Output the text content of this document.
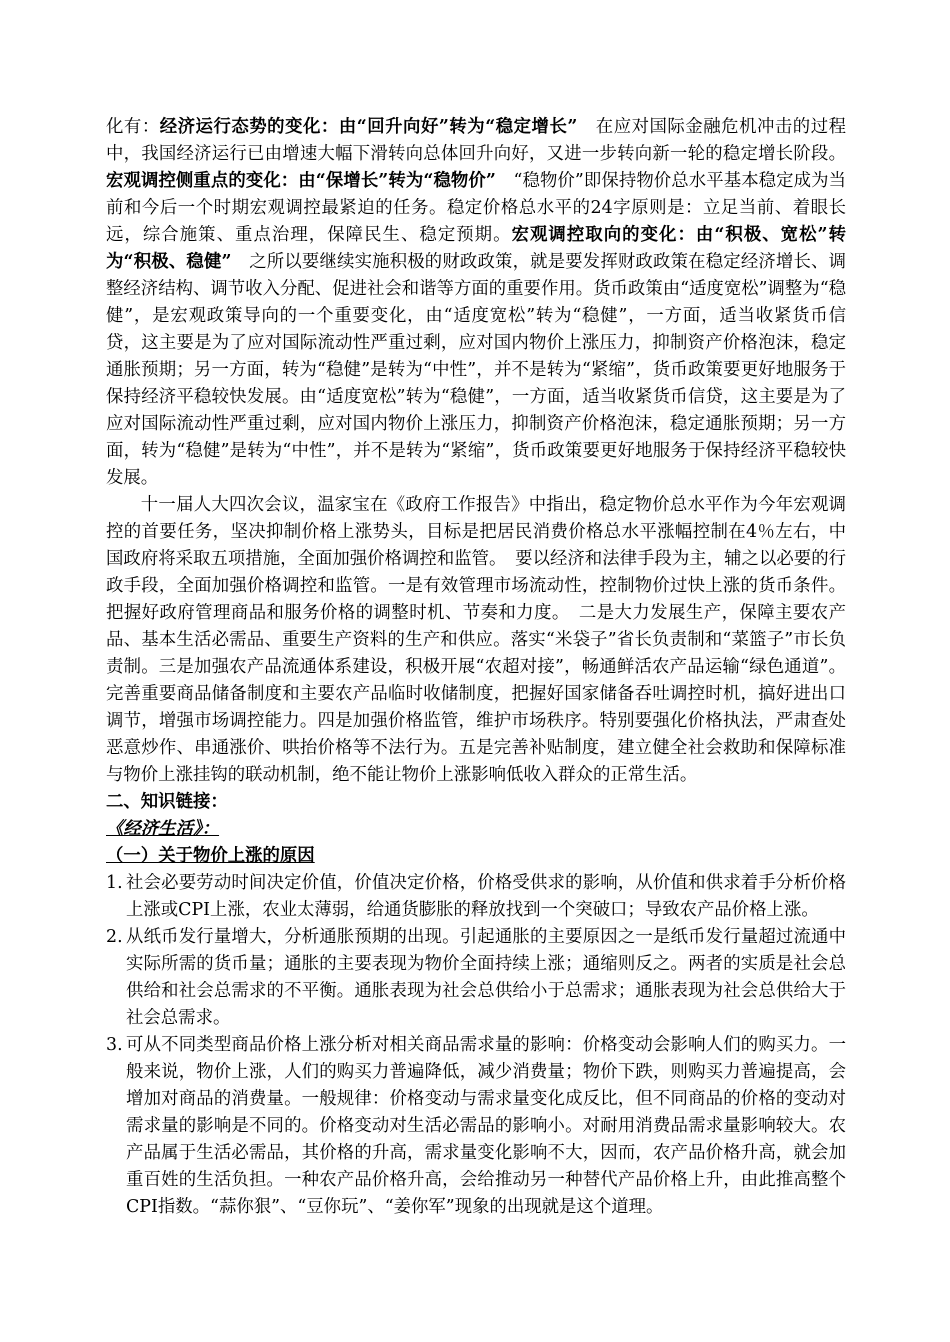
化有：经济运行态势的变化：由“回升向好”转为“稳定增长”　在应对国际金融危机冲击的过程中，我国经济运行已由增速大幅下滑转向总体回升向好，又进一步转向新一轮的稳定增长阶段。宏观调控侧重点的变化：由“保增长”转为“稳物价”　“稳物价”即保持物价总水平基本稳定成为当前和今后一个时期宏观调控最紧迫的任务。稳定价格总水平的24字原则是：立足当前、着眼长远，综合施策、重点治理，保障民生、稳定预期。宏观调控取向的变化：由“积极、宽松”转为“积极、稳健”　之所以要继续实施积极的财政政策，就是要发挥财政政策在稳定经济增长、调整经济结构、调节收入分配、促进社会和谐等方面的重要作用。货币政策由“适度宽松”调整为“稳健”，是宏观政策导向的一个重要变化，由“适度宽松”转为“稳健”，一方面，适当收紧货币信贷，这主要是为了应对国际流动性严重过剩，应对国内物价上涨压力，抑制资产价格泡沫，稳定通胀预期；另一方面，转为“稳健”是转为“中性”，并不是转为“紧缩”，货币政策要更好地服务于保持经济平稳较快发展。由“适度宽松”转为“稳健”，一方面，适当收紧货币信贷，这主要是为了应对国际流动性严重过剩，应对国内物价上涨压力，抑制资产价格泡沫，稳定通胀预期；另一方面，转为“稳健”是转为“中性”，并不是转为“紧缩”，货币政策要更好地服务于保持经济平稳较快发展。

十一届人大四次会议，温家宝在《政府工作报告》中指出，稳定物价总水平作为今年宏观调控的首要任务，坚决抑制价格上涨势头，目标是把居民消费价格总水平涨幅控制在4％左右，中国政府将采取五项措施，全面加强价格调控和监管。　要以经济和法律手段为主，辅之以必要的行政手段，全面加强价格调控和监管。一是有效管理市场流动性，控制物价过快上涨的货币条件。把握好政府管理商品和服务价格的调整时机、节奏和力度。　二是大力发展生产，保障主要农产品、基本生活必需品、重要生产资料的生产和供应。落实“米袋子”省长负责制和“菜篮子”市长负责制。三是加强农产品流通体系建设，积极开展“农超对接”，畅通鲜活农产品运输“绿色通道”。完善重要商品储备制度和主要农产品临时收储制度，把握好国家储备吞吐调控时机，搞好进出口调节，增强市场调控能力。四是加强价格监管，维护市场秩序。特别要强化价格执法，严肃查处恶意炒作、串通涨价、哄抬价格等不法行为。五是完善补贴制度，建立健全社会救助和保障标准与物价上涨挂钩的联动机制，绝不能让物价上涨影响低收入群众的正常生活。

二、知识链接：

《经济生活》：

（一）关于物价上涨的原因

1. 社会必要劳动时间决定价值，价值决定价格，价格受供求的影响，从价值和供求着手分析价格上涨或CPI上涨，农业太薄弱，给通货膨胀的释放找到一个突破口；导致农产品价格上涨。
2. 从纸币发行量增大，分析通胀预期的出现。引起通胀的主要原因之一是纸币发行量超过流通中实际所需的货币量；通胀的主要表现为物价全面持续上涨；通缩则反之。两者的实质是社会总供给和社会总需求的不平衡。通胀表现为社会总供给小于总需求；通胀表现为社会总供给大于社会总需求。
3. 可从不同类型商品价格上涨分析对相关商品需求量的影响：价格变动会影响人们的购买力。一般来说，物价上涨，人们的购买力普遍降低，减少消费量；物价下跌，则购买力普遍提高，会增加对商品的消费量。一般规律：价格变动与需求量变化成反比，但不同商品的价格的变动对需求量的影响是不同的。价格变动对生活必需品的影响小。对耐用消费品需求量影响较大。农产品属于生活必需品，其价格的升高，需求量变化影响不大，因而，农产品价格升高，就会加重百姓的生活负担。一种农产品价格升高，会给推动另一种替代产品价格上升，由此推高整个CPI指数。“蒜你狠”、“豆你玩”、“姜你军”现象的出现就是这个道理。
